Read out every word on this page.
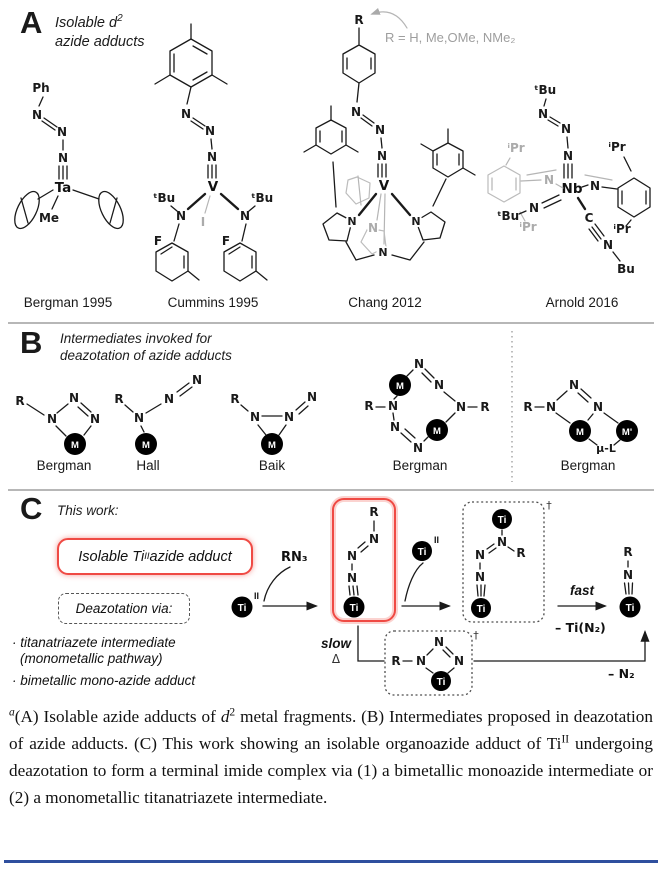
Ph
N
N
N
Ta
Me
Bergman 1995
N
N
N
V
I
N	N
ᵗBu	ᵗBu
F	F
Cummins 1995
R
R = H, Me,OMe, NMe₂
N
N
N
V
N
N	N
N
Chang 2012
ᵗBu
N
N
N
Nb
ⁱPr
ⁱPr
N
N
ᵗBu
N
ⁱPr
ⁱPr
C
N
Bu
Arnold 2016
R
N
N
N
M
Bergman
R
N
N
N
M
Hall
R
N N
N
M
Baik
R N
M
N
N
N R
M
N
N
Bergman
R N
N
N
M	M'
μ-L
Bergman
Ti
II
RN₃
R
N
N
N
Ti
Ti
II
†
Ti
N
R
N
N
Ti
fast
– Ti(N₂)
R
N
Ti
slow
Δ
†
R N
N
N
Ti
– N₂
A Isolable $d^2$
azide adducts
B Intermediates invoked for
deazotation of azide adducts
C This work:
Isolable Ti II azide adduct
Deazotation via:
· titanatriazete intermediate
(monometallic pathway)
· bimetallic mono-azide adduct

$^a$(A) Isolable azide adducts of $d^2$ metal fragments. (B) Intermediates proposed in deazotation of azide adducts. (C) This work showing an isolable organoazide adduct of $Ti^{II}$ undergoing deazotation to form a terminal imide complex via (1) a bimetallic monoazide intermediate or (2) a monometallic titanatriazete intermediate.
